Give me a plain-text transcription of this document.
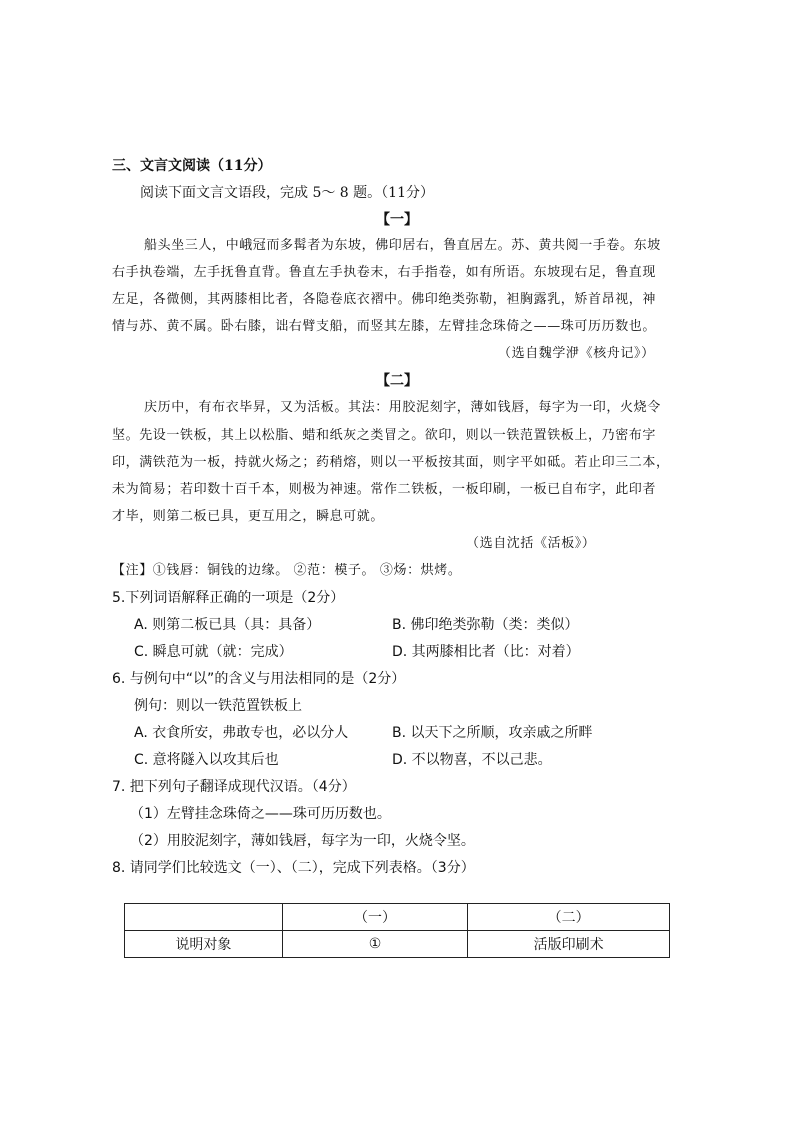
三、文言文阅读（11分）
阅读下面文言文语段，完成 5～ 8 题。（11分）
【一】
船头坐三人，中峨冠而多髯者为东坡，佛印居右，鲁直居左。苏、黄共阅一手卷。东坡
右手执卷端，左手抚鲁直背。鲁直左手执卷末，右手指卷，如有所语。东坡现右足，鲁直现
左足，各微侧，其两膝相比者，各隐卷底衣褶中。佛印绝类弥勒，袒胸露乳，矫首昂视，神
情与苏、黄不属。卧右膝，诎右臂支船，而竖其左膝，左臂挂念珠倚之——珠可历历数也。
（选自魏学洢《核舟记》）
【二】
庆历中，有布衣毕昇，又为活板。其法：用胶泥刻字，薄如钱唇，每字为一印，火烧令
坚。先设一铁板，其上以松脂、蜡和纸灰之类冒之。欲印，则以一铁范置铁板上，乃密布字
印，满铁范为一板，持就火炀之；药稍熔，则以一平板按其面，则字平如砥。若止印三二本，
未为简易；若印数十百千本，则极为神速。常作二铁板，一板印刷，一板已自布字，此印者
才毕，则第二板已具，更互用之，瞬息可就。
（选自沈括《活板》）
【注】①钱唇：铜钱的边缘。 ②范：模子。 ③炀：烘烤。
5.下列词语解释正确的一项是（2分）
A. 则第二板已具（具：具备）	B. 佛印绝类弥勒（类：类似）
C. 瞬息可就（就：完成）	D. 其两膝相比者（比：对着）
6. 与例句中“以”的含义与用法相同的是（2分）
例句：则以一铁范置铁板上
A. 衣食所安，弗敢专也，必以分人	B. 以天下之所顺，攻亲戚之所畔
C. 意将隧入以攻其后也	D. 不以物喜，不以己悲。
7. 把下列句子翻译成现代汉语。（4分）
（1）左臂挂念珠倚之——珠可历历数也。
（2）用胶泥刻字，薄如钱唇，每字为一印，火烧令坚。
8. 请同学们比较选文（一）、（二），完成下列表格。（3分）
	（一）	（二）
说明对象	①	活版印刷术
